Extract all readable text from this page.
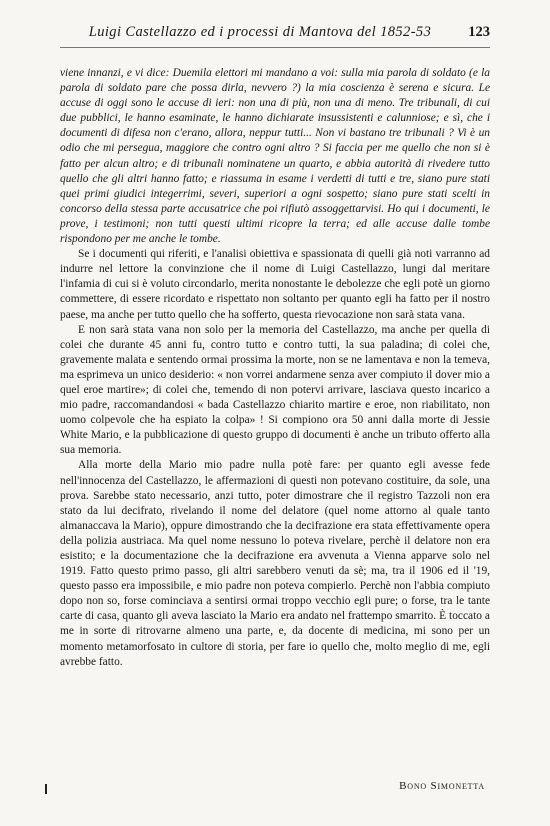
Luigi Castellazzo ed i processi di Mantova del 1852-53	123

viene innanzi, e vi dice: Duemila elettori mi mandano a voi: sulla mia parola di soldato (e la parola di soldato pare che possa dirla, nevvero ?) la mia coscienza è serena e sicura. Le accuse di oggi sono le accuse di ieri: non una di più, non una di meno. Tre tribunali, di cui due pubblici, le hanno esaminate, le hanno dichiarate insussistenti e calunniose; e sì, che i documenti di difesa non c'erano, allora, neppur tutti... Non vi bastano tre tribunali ? Vi è un odio che mi persegua, maggiore che contro ogni altro ? Si faccia per me quello che non si è fatto per alcun altro; e di tribunali nominatene un quarto, e abbia autorità di rivedere tutto quello che gli altri hanno fatto; e riassuma in esame i verdetti di tutti e tre, siano pure stati quei primi giudici integerrimi, severi, superiori a ogni sospetto; siano pure stati scelti in concorso della stessa parte accusatrice che poi rifiutò assoggettarvisi. Ho qui i documenti, le prove, i testimoni; non tutti questi ultimi ricopre la terra; ed alle accuse dalle tombe rispondono per me anche le tombe.

Se i documenti qui riferiti, e l'analisi obiettiva e spassionata di quelli già noti varranno ad indurre nel lettore la convinzione che il nome di Luigi Castellazzo, lungi dal meritare l'infamia di cui si è voluto circondarlo, merita nonostante le debolezze che egli potè un giorno commettere, di essere ricordato e rispettato non soltanto per quanto egli ha fatto per il nostro paese, ma anche per tutto quello che ha sofferto, questa rievocazione non sarà stata vana.

E non sarà stata vana non solo per la memoria del Castellazzo, ma anche per quella di colei che durante 45 anni fu, contro tutto e contro tutti, la sua paladina; di colei che, gravemente malata e sentendo ormai prossima la morte, non se ne lamentava e non la temeva, ma esprimeva un unico desiderio: « non vorrei andarmene senza aver compiuto il dover mio a quel eroe martire»; di colei che, temendo di non potervi arrivare, lasciava questo incarico a mio padre, raccomandandosi « bada Castellazzo chiarito martire e eroe, non riabilitato, non uomo colpevole che ha espiato la colpa» ! Si compiono ora 50 anni dalla morte di Jessie White Mario, e la pubblicazione di questo gruppo di documenti è anche un tributo offerto alla sua memoria.

Alla morte della Mario mio padre nulla potè fare: per quanto egli avesse fede nell'innocenza del Castellazzo, le affermazioni di questi non potevano costituire, da sole, una prova. Sarebbe stato necessario, anzi tutto, poter dimostrare che il registro Tazzoli non era stato da lui decifrato, rivelando il nome del delatore (quel nome attorno al quale tanto almanaccava la Mario), oppure dimostrando che la decifrazione era stata effettivamente opera della polizia austriaca. Ma quel nome nessuno lo poteva rivelare, perchè il delatore non era esistito; e la documentazione che la decifrazione era avvenuta a Vienna apparve solo nel 1919. Fatto questo primo passo, gli altri sarebbero venuti da sè; ma, tra il 1906 ed il '19, questo passo era impossibile, e mio padre non poteva compierlo. Perchè non l'abbia compiuto dopo non so, forse cominciava a sentirsi ormai troppo vecchio egli pure; o forse, tra le tante carte di casa, quanto gli aveva lasciato la Mario era andato nel frattempo smarrito. È toccato a me in sorte di ritrovarne almeno una parte, e, da docente di medicina, mi sono per un momento metamorfosato in cultore di storia, per fare io quello che, molto meglio di me, egli avrebbe fatto.

Bono Simonetta
